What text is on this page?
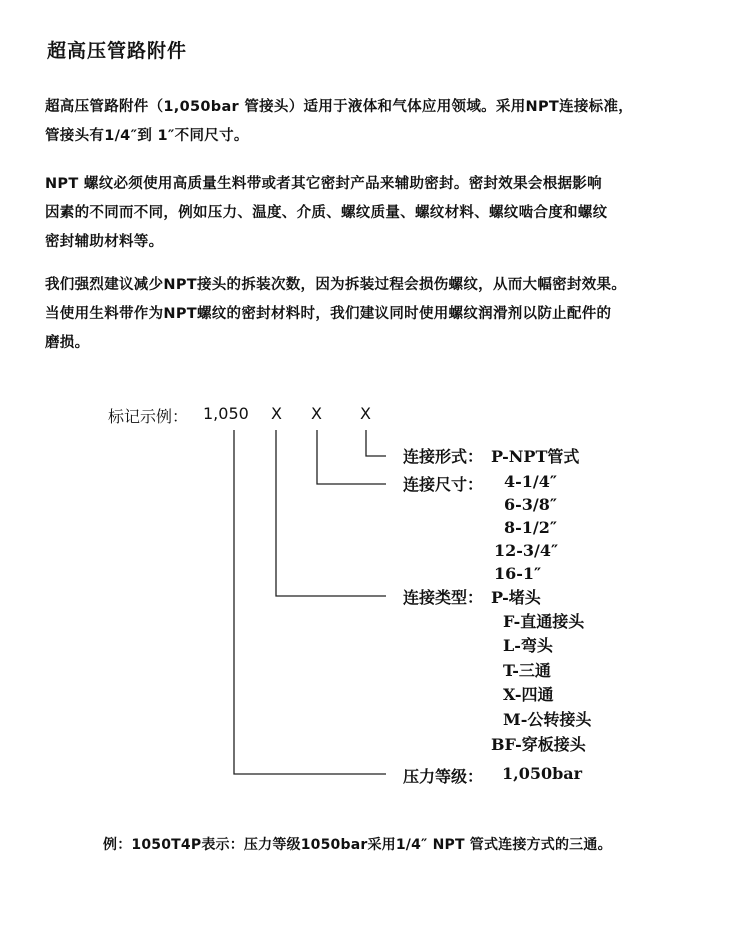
超高压管路附件
超高压管路附件（1,050bar 管接头）适用于液体和气体应用领域。采用NPT连接标准，
管接头有1/4″到 1″不同尺寸。
NPT 螺纹必须使用高质量生料带或者其它密封产品来辅助密封。密封效果会根据影响
因素的不同而不同，例如压力、温度、介质、螺纹质量、螺纹材料、螺纹啮合度和螺纹
密封辅助材料等。
我们强烈建议减少NPT接头的拆装次数，因为拆装过程会损伤螺纹，从而大幅密封效果。
当使用生料带作为NPT螺纹的密封材料时，我们建议同时使用螺纹润滑剂以防止配件的
磨损。
标记示例： 1,050 X X X
连接形式： P-NPT管式
连接尺寸： 4-1/4″
6-3/8″
8-1/2″
12-3/4″
16-1″
连接类型： P-堵头
F-直通接头
L-弯头
T-三通
X-四通
M-公转接头
BF-穿板接头
压力等级： 1,050bar
例：1050T4P表示：压力等级1050bar采用1/4″ NPT 管式连接方式的三通。
